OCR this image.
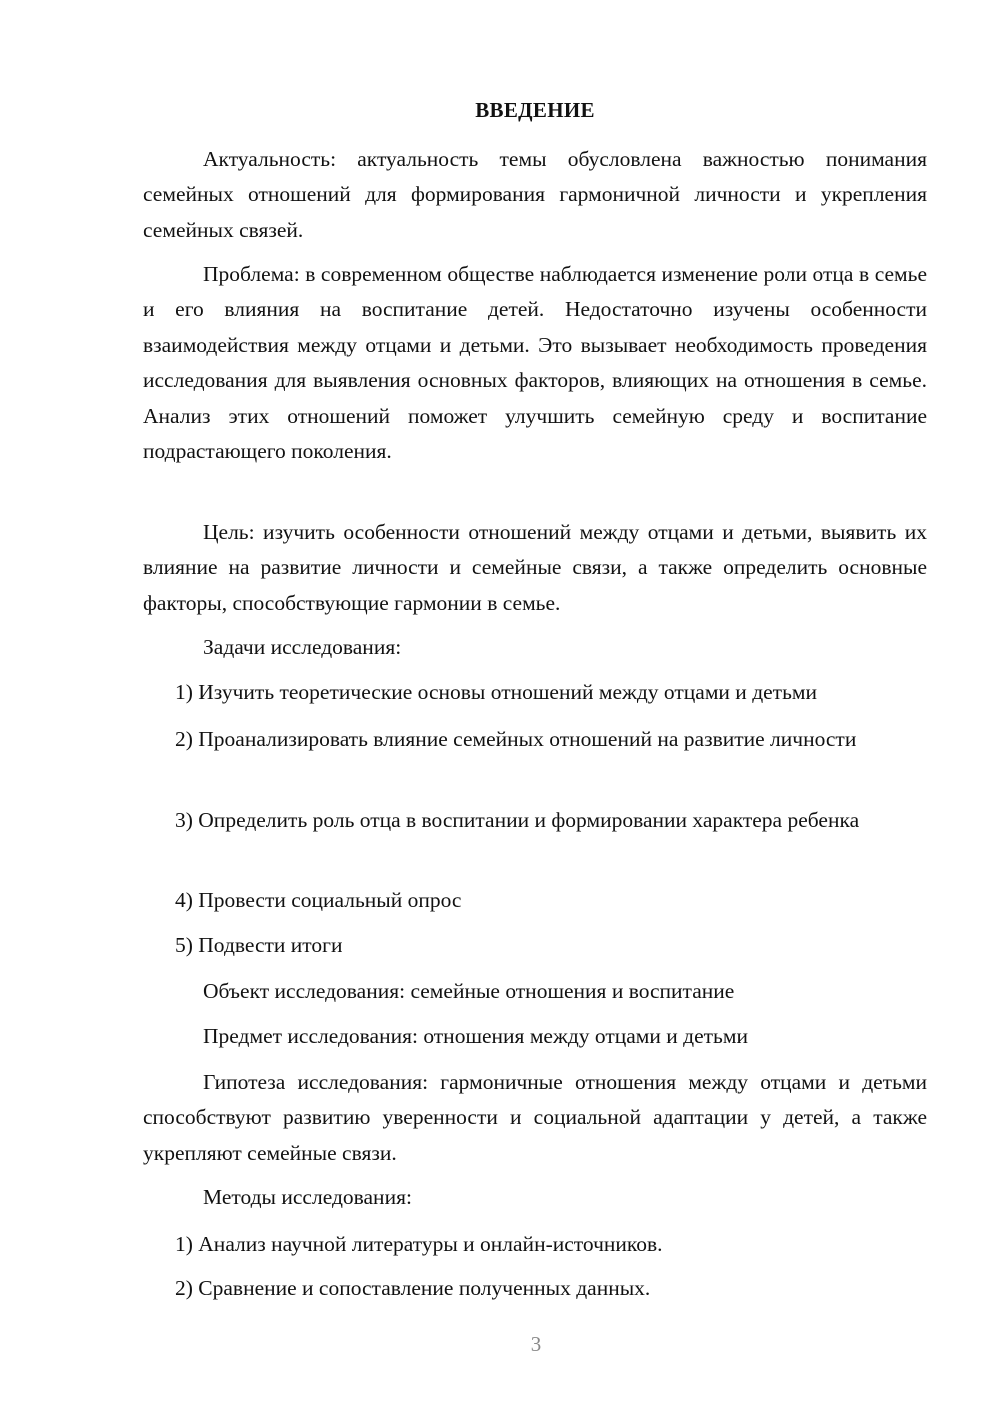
ВВЕДЕНИЕ

Актуальность: актуальность темы обусловлена важностью понимания семейных отношений для формирования гармоничной личности и укрепления семейных связей.

Проблема: в современном обществе наблюдается изменение роли отца в семье и его влияния на воспитание детей. Недостаточно изучены особенности взаимодействия между отцами и детьми. Это вызывает необходимость проведения исследования для выявления основных факторов, влияющих на отношения в семье. Анализ этих отношений поможет улучшить семейную среду и воспитание подрастающего поколения.

Цель: изучить особенности отношений между отцами и детьми, выявить их влияние на развитие личности и семейные связи, а также определить основные факторы, способствующие гармонии в семье.

Задачи исследования:

1) Изучить теоретические основы отношений между отцами и детьми

2) Проанализировать влияние семейных отношений на развитие личности

3) Определить роль отца в воспитании и формировании характера ребенка

4) Провести социальный опрос

5) Подвести итоги

Объект исследования: семейные отношения и воспитание

Предмет исследования: отношения между отцами и детьми

Гипотеза исследования: гармоничные отношения между отцами и детьми способствуют развитию уверенности и социальной адаптации у детей, а также укрепляют семейные связи.

Методы исследования:

1) Анализ научной литературы и онлайн-источников.

2) Сравнение и сопоставление полученных данных.

3
